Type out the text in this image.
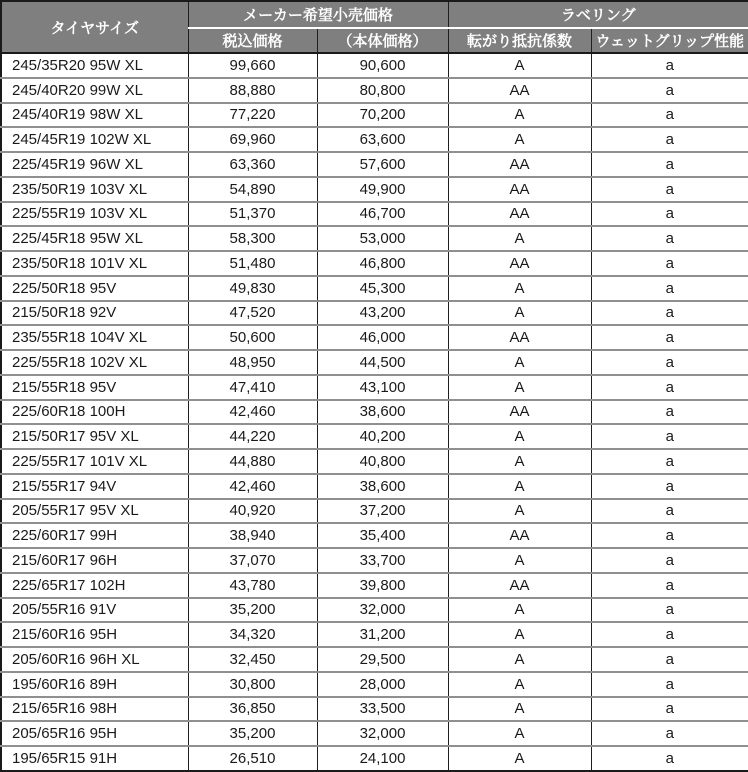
タイヤサイズ	メーカー希望小売価格		ラベリング	
	税込価格	（本体価格）	転がり抵抗係数	ウェットグリップ性能
245/35R20 95W XL	99,660	90,600	A	a
245/40R20 99W XL	88,880	80,800	AA	a
245/40R19 98W XL	77,220	70,200	A	a
245/45R19 102W XL	69,960	63,600	A	a
225/45R19 96W XL	63,360	57,600	AA	a
235/50R19 103V XL	54,890	49,900	AA	a
225/55R19 103V XL	51,370	46,700	AA	a
225/45R18 95W XL	58,300	53,000	A	a
235/50R18 101V XL	51,480	46,800	AA	a
225/50R18 95V	49,830	45,300	A	a
215/50R18 92V	47,520	43,200	A	a
235/55R18 104V XL	50,600	46,000	AA	a
225/55R18 102V XL	48,950	44,500	A	a
215/55R18 95V	47,410	43,100	A	a
225/60R18 100H	42,460	38,600	AA	a
215/50R17 95V XL	44,220	40,200	A	a
225/55R17 101V XL	44,880	40,800	A	a
215/55R17 94V	42,460	38,600	A	a
205/55R17 95V XL	40,920	37,200	A	a
225/60R17 99H	38,940	35,400	AA	a
215/60R17 96H	37,070	33,700	A	a
225/65R17 102H	43,780	39,800	AA	a
205/55R16 91V	35,200	32,000	A	a
215/60R16 95H	34,320	31,200	A	a
205/60R16 96H XL	32,450	29,500	A	a
195/60R16 89H	30,800	28,000	A	a
215/65R16 98H	36,850	33,500	A	a
205/65R16 95H	35,200	32,000	A	a
195/65R15 91H	26,510	24,100	A	a
